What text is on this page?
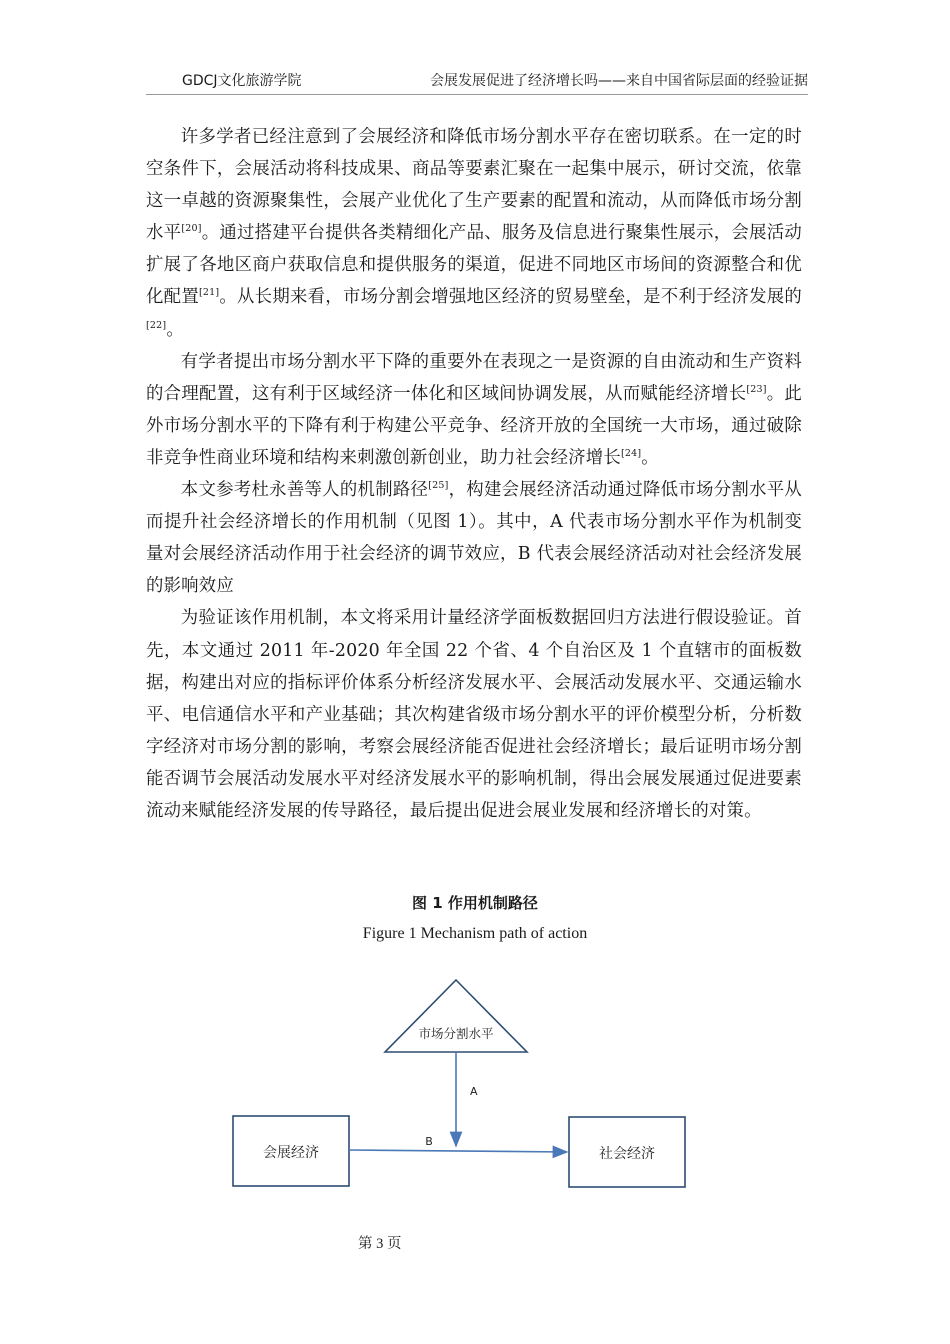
GDCJ文化旅游学院	会展发展促进了经济增长吗——来自中国省际层面的经验证据

许多学者已经注意到了会展经济和降低市场分割水平存在密切联系。在一定的时空条件下，会展活动将科技成果、商品等要素汇聚在一起集中展示，研讨交流，依靠这一卓越的资源聚集性，会展产业优化了生产要素的配置和流动，从而降低市场分割水平[20]。通过搭建平台提供各类精细化产品、服务及信息进行聚集性展示，会展活动扩展了各地区商户获取信息和提供服务的渠道，促进不同地区市场间的资源整合和优化配置[21]。从长期来看，市场分割会增强地区经济的贸易壁垒，是不利于经济发展的[22]。

有学者提出市场分割水平下降的重要外在表现之一是资源的自由流动和生产资料的合理配置，这有利于区域经济一体化和区域间协调发展，从而赋能经济增长[23]。此外市场分割水平的下降有利于构建公平竞争、经济开放的全国统一大市场，通过破除非竞争性商业环境和结构来刺激创新创业，助力社会经济增长[24]。

本文参考杜永善等人的机制路径[25]，构建会展经济活动通过降低市场分割水平从而提升社会经济增长的作用机制（见图 1）。其中，A 代表市场分割水平作为机制变量对会展经济活动作用于社会经济的调节效应，B 代表会展经济活动对社会经济发展的影响效应

为验证该作用机制，本文将采用计量经济学面板数据回归方法进行假设验证。首先，本文通过 2011 年-2020 年全国 22 个省、4 个自治区及 1 个直辖市的面板数据，构建出对应的指标评价体系分析经济发展水平、会展活动发展水平、交通运输水平、电信通信水平和产业基础；其次构建省级市场分割水平的评价模型分析，分析数字经济对市场分割的影响，考察会展经济能否促进社会经济增长；最后证明市场分割能否调节会展活动发展水平对经济发展水平的影响机制，得出会展发展通过促进要素流动来赋能经济发展的传导路径，最后提出促进会展业发展和经济增长的对策。

图 1 作用机制路径
Figure 1 Mechanism path of action
市场分割水平
会展经济	社会经济
A
B
第 3 页
